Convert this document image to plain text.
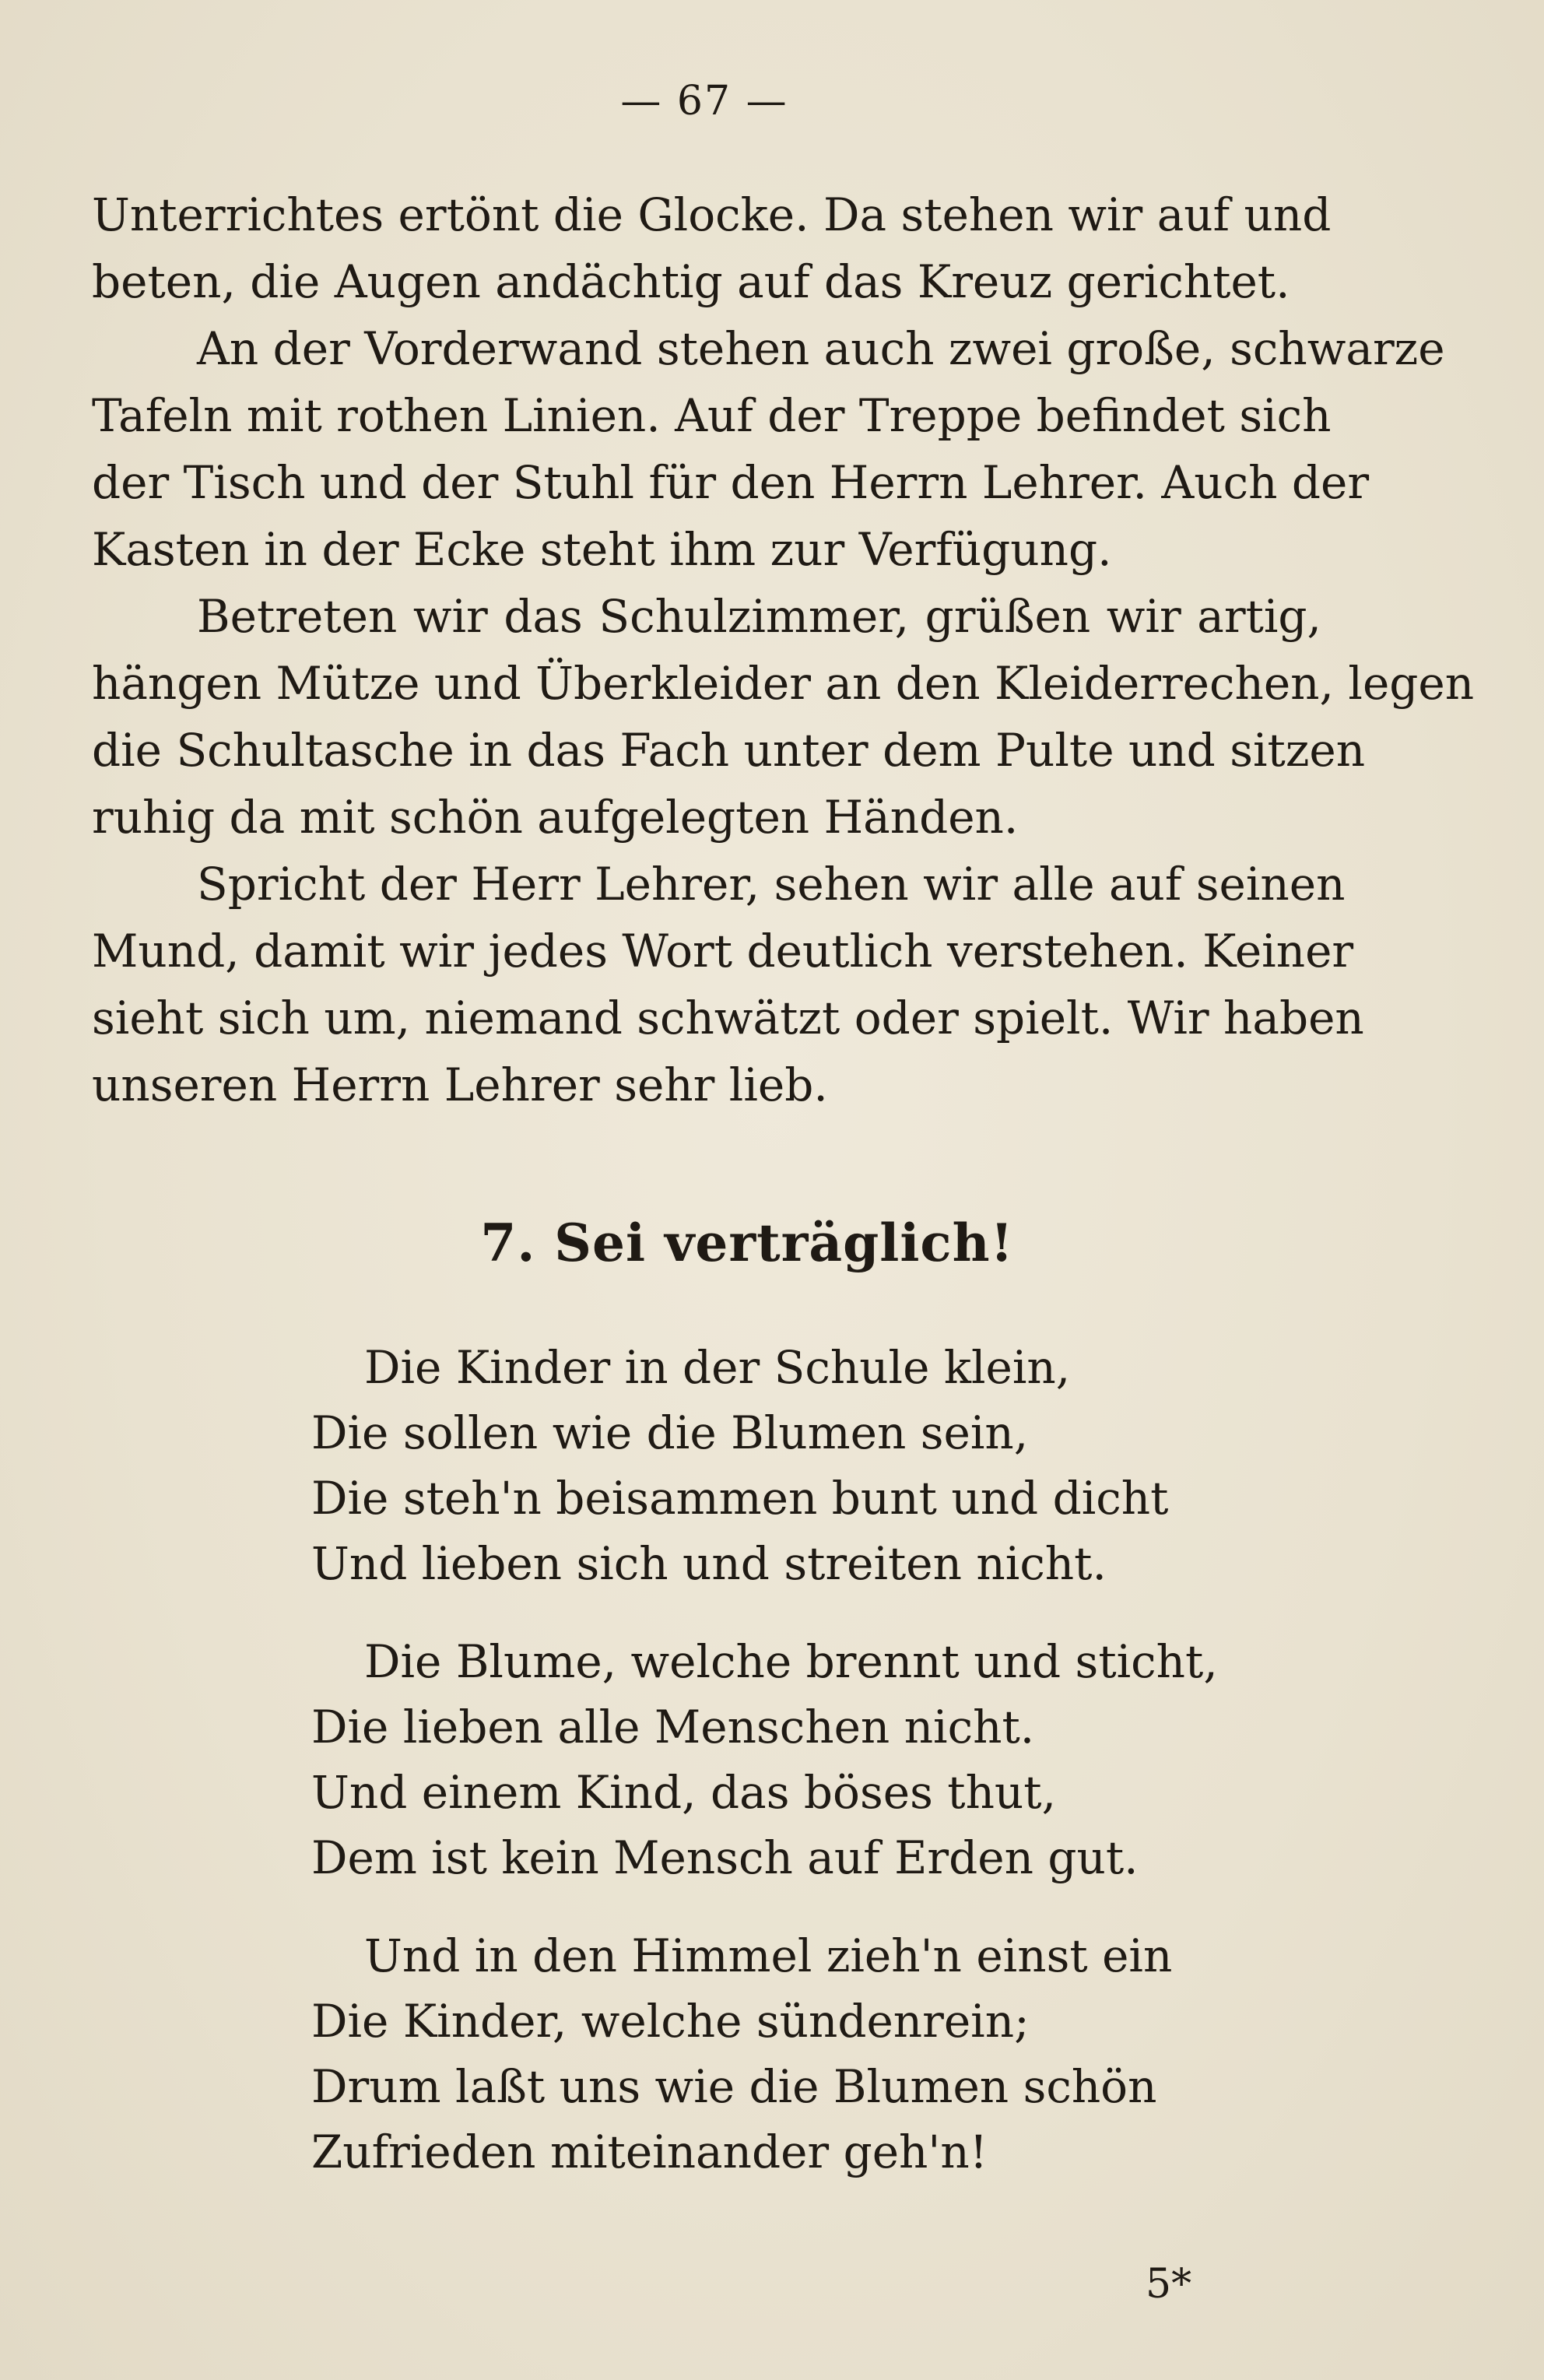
— 67 —

Unterrichtes ertönt die Glocke. Da stehen wir auf und
beten, die Augen andächtig auf das Kreuz gerichtet.

An der Vorderwand stehen auch zwei große, schwarze
Tafeln mit rothen Linien. Auf der Treppe befindet sich
der Tisch und der Stuhl für den Herrn Lehrer. Auch der
Kasten in der Ecke steht ihm zur Verfügung.

Betreten wir das Schulzimmer, grüßen wir artig,
hängen Mütze und Überkleider an den Kleiderrechen, legen
die Schultasche in das Fach unter dem Pulte und sitzen
ruhig da mit schön aufgelegten Händen.

Spricht der Herr Lehrer, sehen wir alle auf seinen
Mund, damit wir jedes Wort deutlich verstehen. Keiner
sieht sich um, niemand schwätzt oder spielt. Wir haben
unseren Herrn Lehrer sehr lieb.

7. Sei verträglich!
Die Kinder in der Schule klein,
Die sollen wie die Blumen sein,
Die steh'n beisammen bunt und dicht
Und lieben sich und streiten nicht.
Die Blume, welche brennt und sticht,
Die lieben alle Menschen nicht.
Und einem Kind, das böses thut,
Dem ist kein Mensch auf Erden gut.
Und in den Himmel zieh'n einst ein
Die Kinder, welche sündenrein;
Drum laßt uns wie die Blumen schön
Zufrieden miteinander geh'n!
5*
